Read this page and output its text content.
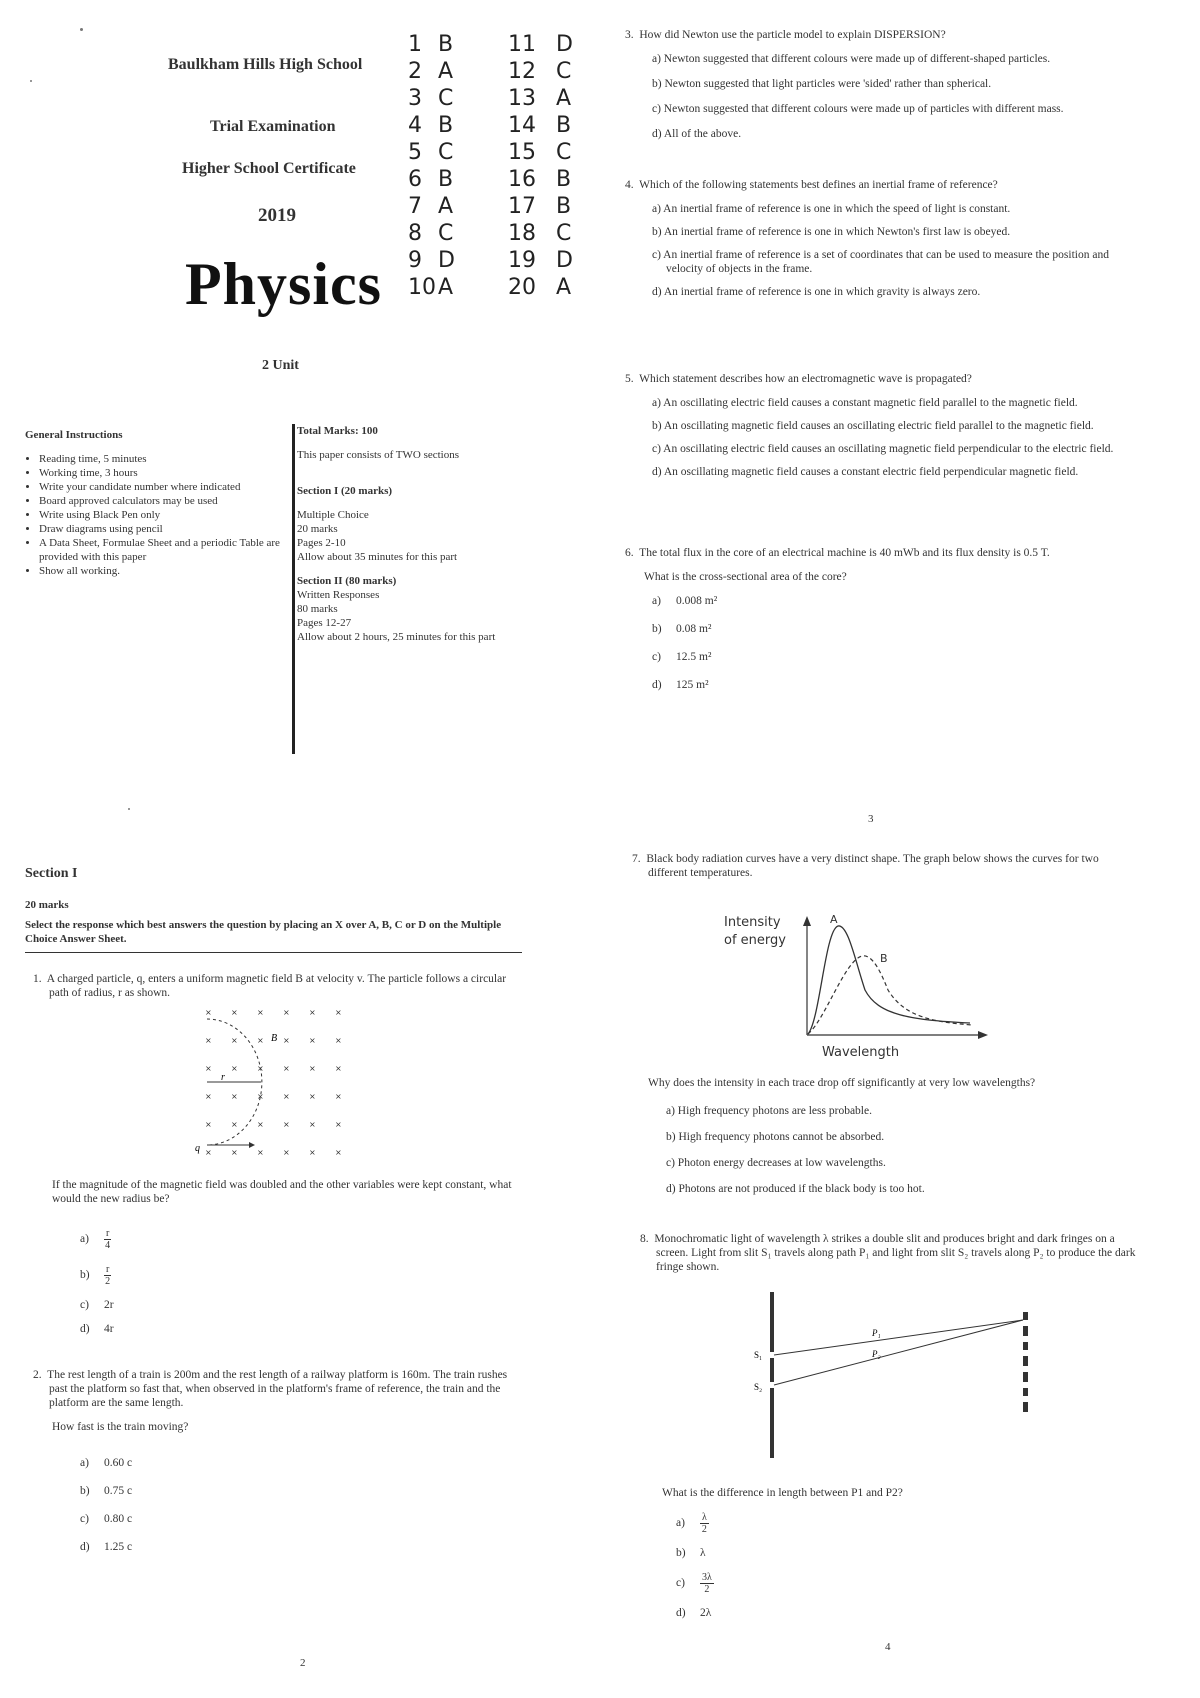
Baulkham Hills High School
Trial Examination
Higher School Certificate
2019
Physics
2 Unit
1 B
2 A
3 C
4 B
5 C
6 B
7 A
8 C
9 D
10A
11 D
12 C
13 A
14 B
15 C
16 B
17 B
18 C
19 D
20 A
General Instructions
• Reading time, 5 minutes
• Working time, 3 hours
• Write your candidate number where indicated
• Board approved calculators may be used
• Write using Black Pen only
• Draw diagrams using pencil
• A Data Sheet, Formulae Sheet and a periodic Table are provided with this paper
• Show all working.
Total Marks: 100
This paper consists of TWO sections
Section I (20 marks)
Multiple Choice
20 marks
Pages 2-10
Allow about 35 minutes for this part
Section II (80 marks)
Written Responses
80 marks
Pages 12-27
Allow about 2 hours, 25 minutes for this part
3. How did Newton use the particle model to explain DISPERSION?
a) Newton suggested that different colours were made up of different-shaped particles.
b) Newton suggested that light particles were 'sided' rather than spherical.
c) Newton suggested that different colours were made up of particles with different mass.
d) All of the above.
4. Which of the following statements best defines an inertial frame of reference?
a) An inertial frame of reference is one in which the speed of light is constant.
b) An inertial frame of reference is one in which Newton's first law is obeyed.
c) An inertial frame of reference is a set of coordinates that can be used to measure the position and velocity of objects in the frame.
d) An inertial frame of reference is one in which gravity is always zero.
5. Which statement describes how an electromagnetic wave is propagated?
a) An oscillating electric field causes a constant magnetic field parallel to the magnetic field.
b) An oscillating magnetic field causes an oscillating electric field parallel to the magnetic field.
c) An oscillating electric field causes an oscillating magnetic field perpendicular to the electric field.
d) An oscillating magnetic field causes a constant electric field perpendicular magnetic field.
6. The total flux in the core of an electrical machine is 40 mWb and its flux density is 0.5 T.
What is the cross-sectional area of the core?
a)	0.008 m²
b)	0.08 m²
c)	12.5 m²
d)	125 m²
3
Section I
20 marks
Select the response which best answers the question by placing an X over A, B, C or D on the Multiple Choice Answer Sheet.
1. A charged particle, q, enters a uniform magnetic field B at velocity v. The particle follows a circular path of radius, r as shown.
× × × × × ×
× × × × × ×
× × × × × ×
× × × × × ×
× × × × × ×
× × × × × ×
B
r
q
If the magnitude of the magnetic field was doubled and the other variables were kept constant, what would the new radius be?
a)	$\frac{r}{4}$
b)	$\frac{r}{2}$
c)	2r
d)	4r
2. The rest length of a train is 200m and the rest length of a railway platform is 160m. The train rushes past the platform so fast that, when observed in the platform's frame of reference, the train and the platform are the same length.
How fast is the train moving?
a)	0.60 c
b)	0.75 c
c)	0.80 c
d)	1.25 c
2
7. Black body radiation curves have a very distinct shape. The graph below shows the curves for two different temperatures.
Intensity
of energy
A
B
Wavelength
Why does the intensity in each trace drop off significantly at very low wavelengths?
a) High frequency photons are less probable.
b) High frequency photons cannot be absorbed.
c) Photon energy decreases at low wavelengths.
d) Photons are not produced if the black body is too hot.
8. Monochromatic light of wavelength λ strikes a double slit and produces bright and dark fringes on a screen. Light from slit S₁ travels along path P₁ and light from slit S₂ travels along P₂ to produce the dark fringe shown.
S₁
S₂
P₁
P₂
What is the difference in length between P1 and P2?
a)	$\frac{\lambda}{2}$
b)	λ
c)	$\frac{3\lambda}{2}$
d)	2λ
4
